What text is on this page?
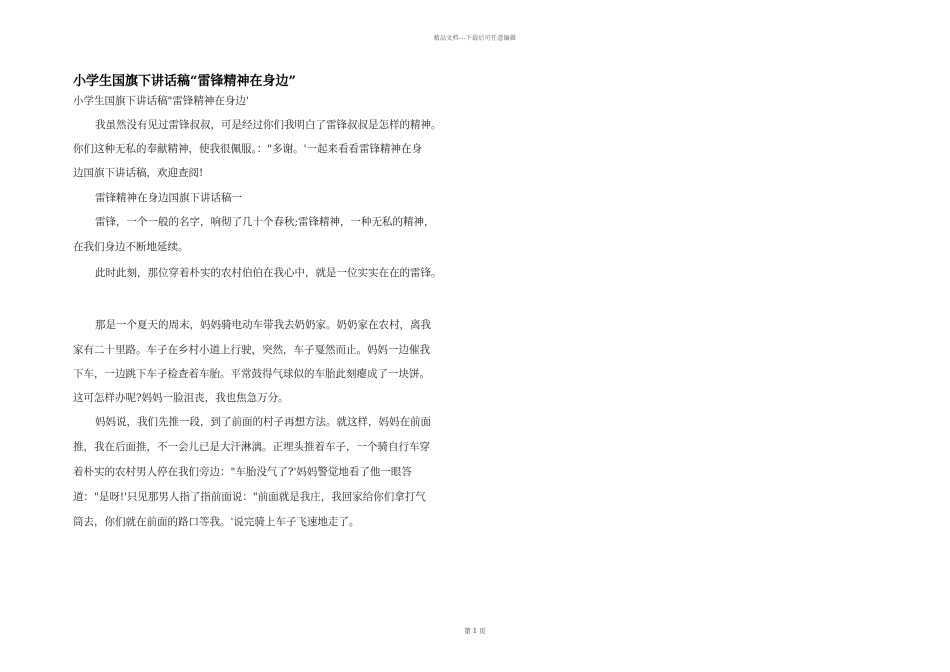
精品文档---下载后可任意编辑
小学生国旗下讲话稿“雷锋精神在身边”
小学生国旗下讲话稿"雷锋精神在身边'
我虽然没有见过雷锋叔叔，可是经过你们我明白了雷锋叔叔是怎样的精神。
你们这种无私的奉献精神，使我很佩服。："多谢。'一起来看看雷锋精神在身
边国旗下讲话稿，欢迎查阅!
雷锋精神在身边国旗下讲话稿一
雷锋，一个一般的名字，响彻了几十个春秋;雷锋精神，一种无私的精神，
在我们身边不断地延续。
此时此刻，那位穿着朴实的农村伯伯在我心中，就是一位实实在在的雷锋。
那是一个夏天的周末，妈妈骑电动车带我去奶奶家。奶奶家在农村，离我
家有二十里路。车子在乡村小道上行驶，突然，车子戛然而止。妈妈一边催我
下车，一边跳下车子检查着车胎。平常鼓得气球似的车胎此刻瘪成了一块饼。
这可怎样办呢?妈妈一脸沮丧，我也焦急万分。
妈妈说，我们先推一段，到了前面的村子再想方法。就这样，妈妈在前面
推，我在后面推，不一会儿已是大汗淋漓。正埋头推着车子，一个骑自行车穿
着朴实的农村男人停在我们旁边："车胎没气了?'妈妈警觉地看了他一眼答
道："是呀!'只见那男人指了指前面说："前面就是我庄，我回家给你们拿打气
筒去，你们就在前面的路口等我。'说完骑上车子飞速地走了。
第 1 页
